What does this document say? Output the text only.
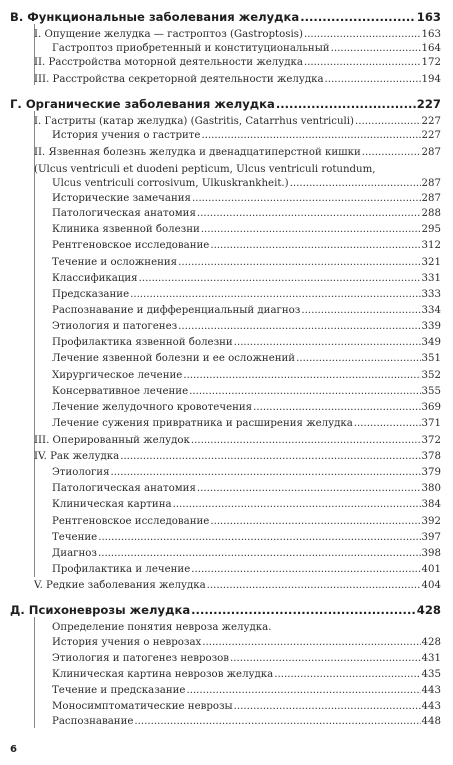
В. Функциональные заболевания желудка .....	163
I. Опущение желудка — гастроптоз (Gastroptosis) .....	163
Гастроптоз приобретенный и конституциональный .....	164
II. Расстройства моторной деятельности желудка .....	172
III. Расстройства секреторной деятельности желудка .....	194
Г. Органические заболевания желудка .....	227
I. Гастриты (катар желудка) (Gastritis, Catarrhus ventriculi) .....	227
История учения о гастрите .....	227
II. Язвенная болезнь желудка и двенадцатиперстной кишки .....	287
(Ulcus ventriculi et duodeni pepticum, Ulcus ventriculi rotundum,
Ulcus ventriculi corrosivum, Ulkuskrankheit.) .....	287
Исторические замечания .....	287
Патологическая анатомия .....	288
Клиника язвенной болезни .....	295
Рентгеновское исследование .....	312
Течение и осложнения .....	321
Классификация .....	331
Предсказание .....	333
Распознавание и дифференциальный диагноз .....	334
Этиология и патогенез .....	339
Профилактика язвенной болезни .....	349
Лечение язвенной болезни и ее осложнений .....	351
Хирургическое лечение .....	352
Консервативное лечение .....	355
Лечение желудочного кровотечения .....	369
Лечение сужения привратника и расширения желудка .....	371
III. Оперированный желудок .....	372
IV. Рак желудка .....	378
Этиология .....	379
Патологическая анатомия .....	380
Клиническая картина .....	384
Рентгеновское исследование .....	392
Течение .....	397
Диагноз .....	398
Профилактика и лечение .....	401
V. Редкие заболевания желудка .....	404
Д. Психоневрозы желудка .....	428
Определение понятия невроза желудка.
История учения о неврозах .....	428
Этиология и патогенез неврозов .....	431
Клиническая картина неврозов желудка .....	435
Течение и предсказание .....	443
Моносимптоматические неврозы .....	443
Распознавание .....	448
6
